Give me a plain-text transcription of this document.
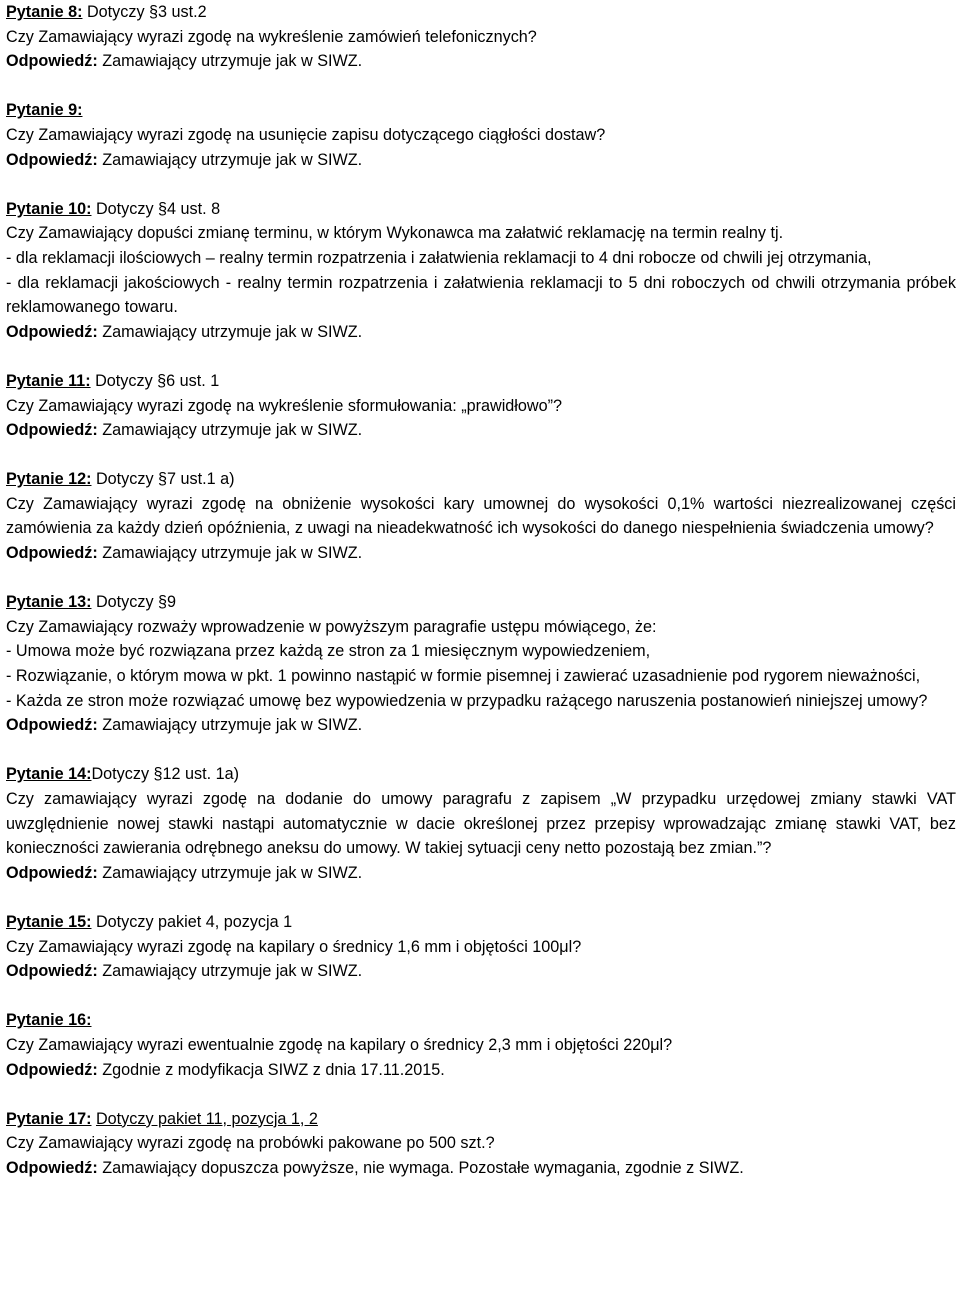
Pytanie 8: Dotyczy §3 ust.2
Czy Zamawiający wyrazi zgodę na wykreślenie zamówień telefonicznych?
Odpowiedź: Zamawiający utrzymuje jak w SIWZ.
Pytanie 9:
Czy Zamawiający wyrazi zgodę na usunięcie zapisu dotyczącego ciągłości dostaw?
Odpowiedź: Zamawiający utrzymuje jak w SIWZ.
Pytanie 10: Dotyczy §4 ust. 8
Czy Zamawiający dopuści zmianę terminu, w którym Wykonawca ma załatwić reklamację na termin realny tj.
- dla reklamacji ilościowych – realny termin rozpatrzenia i załatwienia reklamacji to 4 dni robocze od chwili jej otrzymania,
- dla reklamacji jakościowych - realny termin rozpatrzenia i załatwienia reklamacji to 5 dni roboczych od chwili otrzymania próbek reklamowanego towaru.
Odpowiedź: Zamawiający utrzymuje jak w SIWZ.
Pytanie 11: Dotyczy §6 ust. 1
Czy Zamawiający wyrazi zgodę na wykreślenie sformułowania: „prawidłowo”?
Odpowiedź: Zamawiający utrzymuje jak w SIWZ.
Pytanie 12: Dotyczy §7 ust.1 a)
Czy Zamawiający wyrazi zgodę na obniżenie wysokości kary umownej do wysokości 0,1% wartości niezrealizowanej części zamówienia za każdy dzień opóźnienia, z uwagi na nieadekwatność ich wysokości do danego niespełnienia świadczenia umowy?
Odpowiedź: Zamawiający utrzymuje jak w SIWZ.
Pytanie 13: Dotyczy §9
Czy Zamawiający rozważy wprowadzenie w powyższym paragrafie ustępu mówiącego, że:
- Umowa może być rozwiązana przez każdą ze stron za 1 miesięcznym wypowiedzeniem,
- Rozwiązanie, o którym mowa w pkt. 1 powinno nastąpić w formie pisemnej i zawierać uzasadnienie pod rygorem nieważności,
- Każda ze stron może rozwiązać umowę bez wypowiedzenia w przypadku rażącego naruszenia postanowień niniejszej umowy?
Odpowiedź: Zamawiający utrzymuje jak w SIWZ.
Pytanie 14:Dotyczy §12 ust. 1a)
Czy zamawiający wyrazi zgodę na dodanie do umowy paragrafu z zapisem „W przypadku urzędowej zmiany stawki VAT uwzględnienie nowej stawki nastąpi automatycznie w dacie określonej przez przepisy wprowadzając zmianę stawki VAT, bez konieczności zawierania odrębnego aneksu do umowy. W takiej sytuacji ceny netto pozostają bez zmian.”?
Odpowiedź: Zamawiający utrzymuje jak w SIWZ.
Pytanie 15: Dotyczy pakiet 4, pozycja 1
Czy Zamawiający wyrazi zgodę na kapilary o średnicy 1,6 mm i objętości 100μl?
Odpowiedź: Zamawiający utrzymuje jak w SIWZ.
Pytanie 16:
Czy Zamawiający wyrazi ewentualnie zgodę na kapilary o średnicy 2,3 mm i objętości 220μl?
Odpowiedź: Zgodnie z modyfikacja SIWZ z dnia 17.11.2015.
Pytanie 17: Dotyczy pakiet 11, pozycja 1, 2
Czy Zamawiający wyrazi zgodę na probówki pakowane po 500 szt.?
Odpowiedź: Zamawiający dopuszcza powyższe, nie wymaga. Pozostałe wymagania, zgodnie z SIWZ.
